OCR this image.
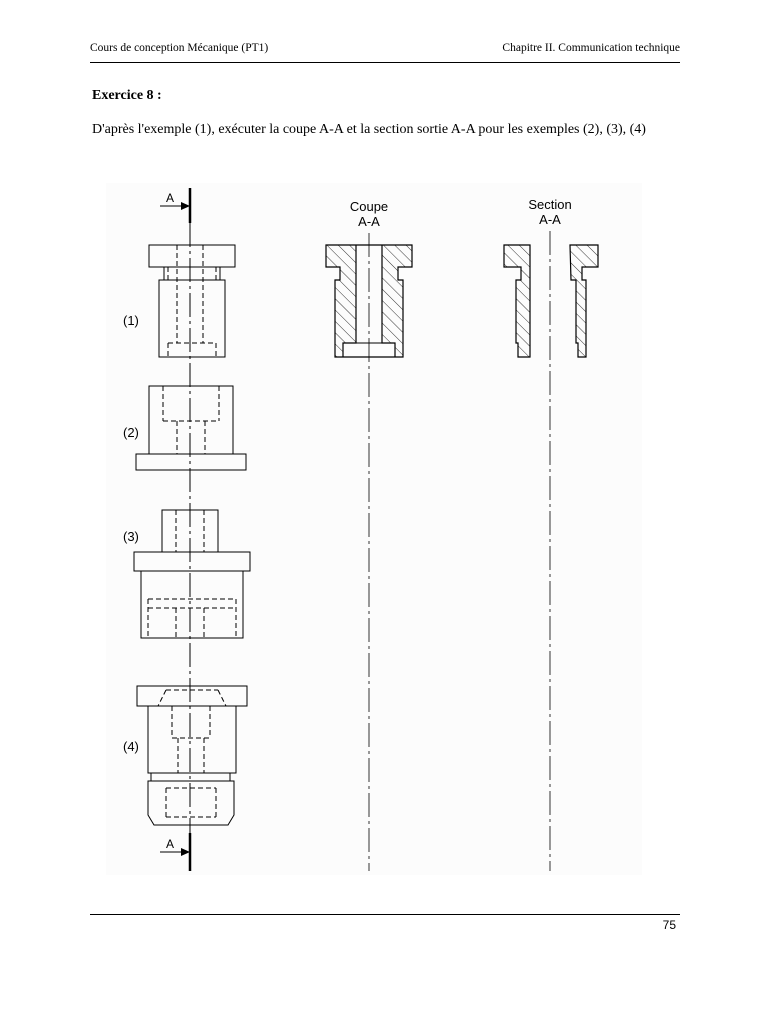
Cours de conception Mécanique (PT1)	Chapitre II. Communication technique
Exercice 8 :
D'après l'exemple (1), exécuter la coupe A-A et la section sortie A-A pour les exemples (2), (3), (4)
A
A
Coupe
A-A
Section
A-A
(1)
(2)
(3)
(4)
75
